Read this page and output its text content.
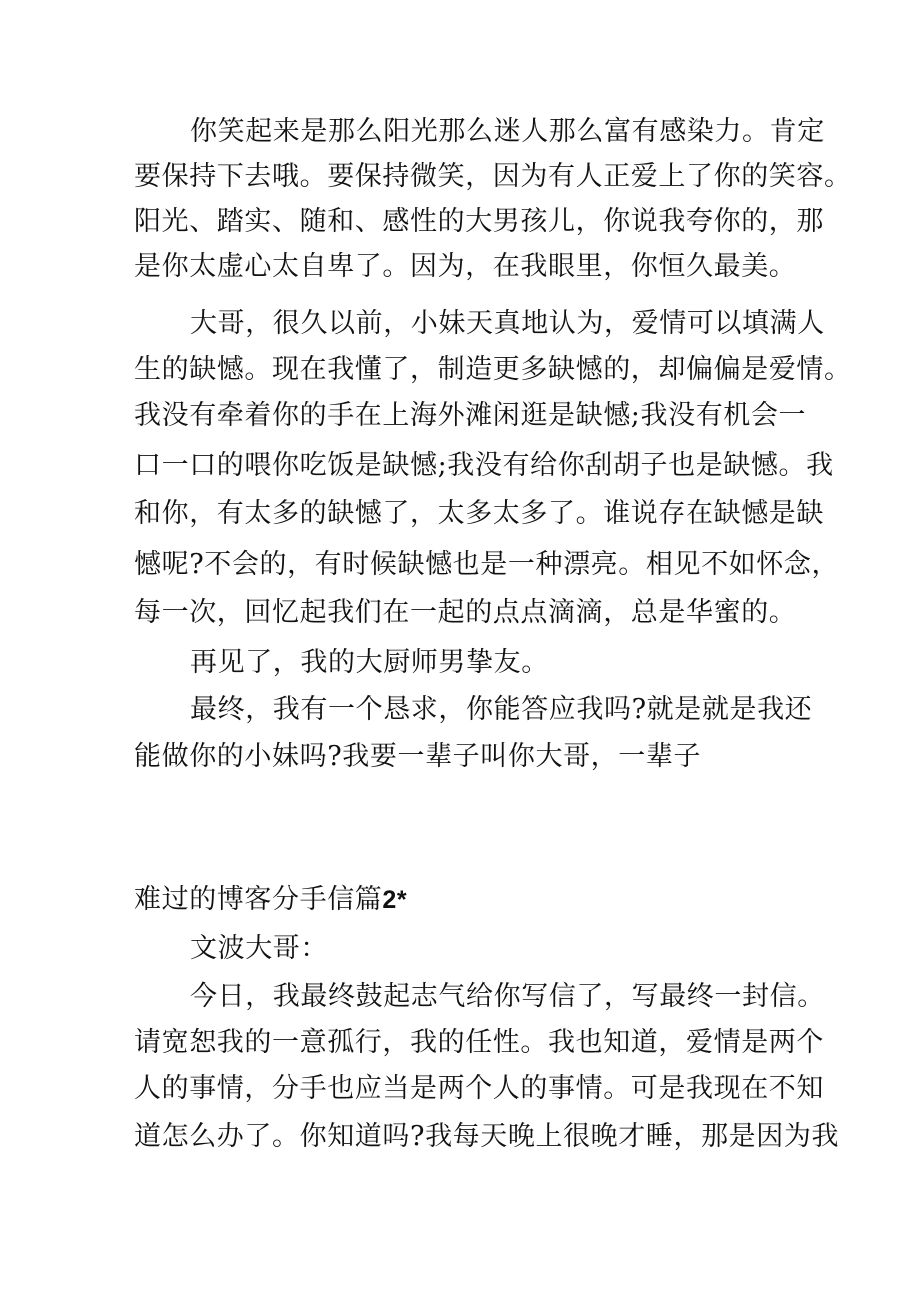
你笑起来是那么阳光那么迷人那么富有感染力。肯定
要保持下去哦。要保持微笑，因为有人正爱上了你的笑容。
阳光、踏实、随和、感性的大男孩儿，你说我夸你的，那
是你太虚心太自卑了。因为，在我眼里，你恒久最美。
大哥，很久以前，小妹天真地认为，爱情可以填满人
生的缺憾。现在我懂了，制造更多缺憾的，却偏偏是爱情。
我没有牵着你的手在上海外滩闲逛是缺憾;我没有机会一
口一口的喂你吃饭是缺憾;我没有给你刮胡子也是缺憾。我
和你，有太多的缺憾了，太多太多了。谁说存在缺憾是缺
憾呢?不会的，有时候缺憾也是一种漂亮。相见不如怀念，
每一次，回忆起我们在一起的点点滴滴，总是华蜜的。
再见了，我的大厨师男挚友。
最终，我有一个恳求，你能答应我吗?就是就是我还
能做你的小妹吗?我要一辈子叫你大哥，一辈子
难过的博客分手信篇2*
文波大哥：
今日，我最终鼓起志气给你写信了，写最终一封信。
请宽恕我的一意孤行，我的任性。我也知道，爱情是两个
人的事情，分手也应当是两个人的事情。可是我现在不知
道怎么办了。你知道吗?我每天晚上很晚才睡，那是因为我
